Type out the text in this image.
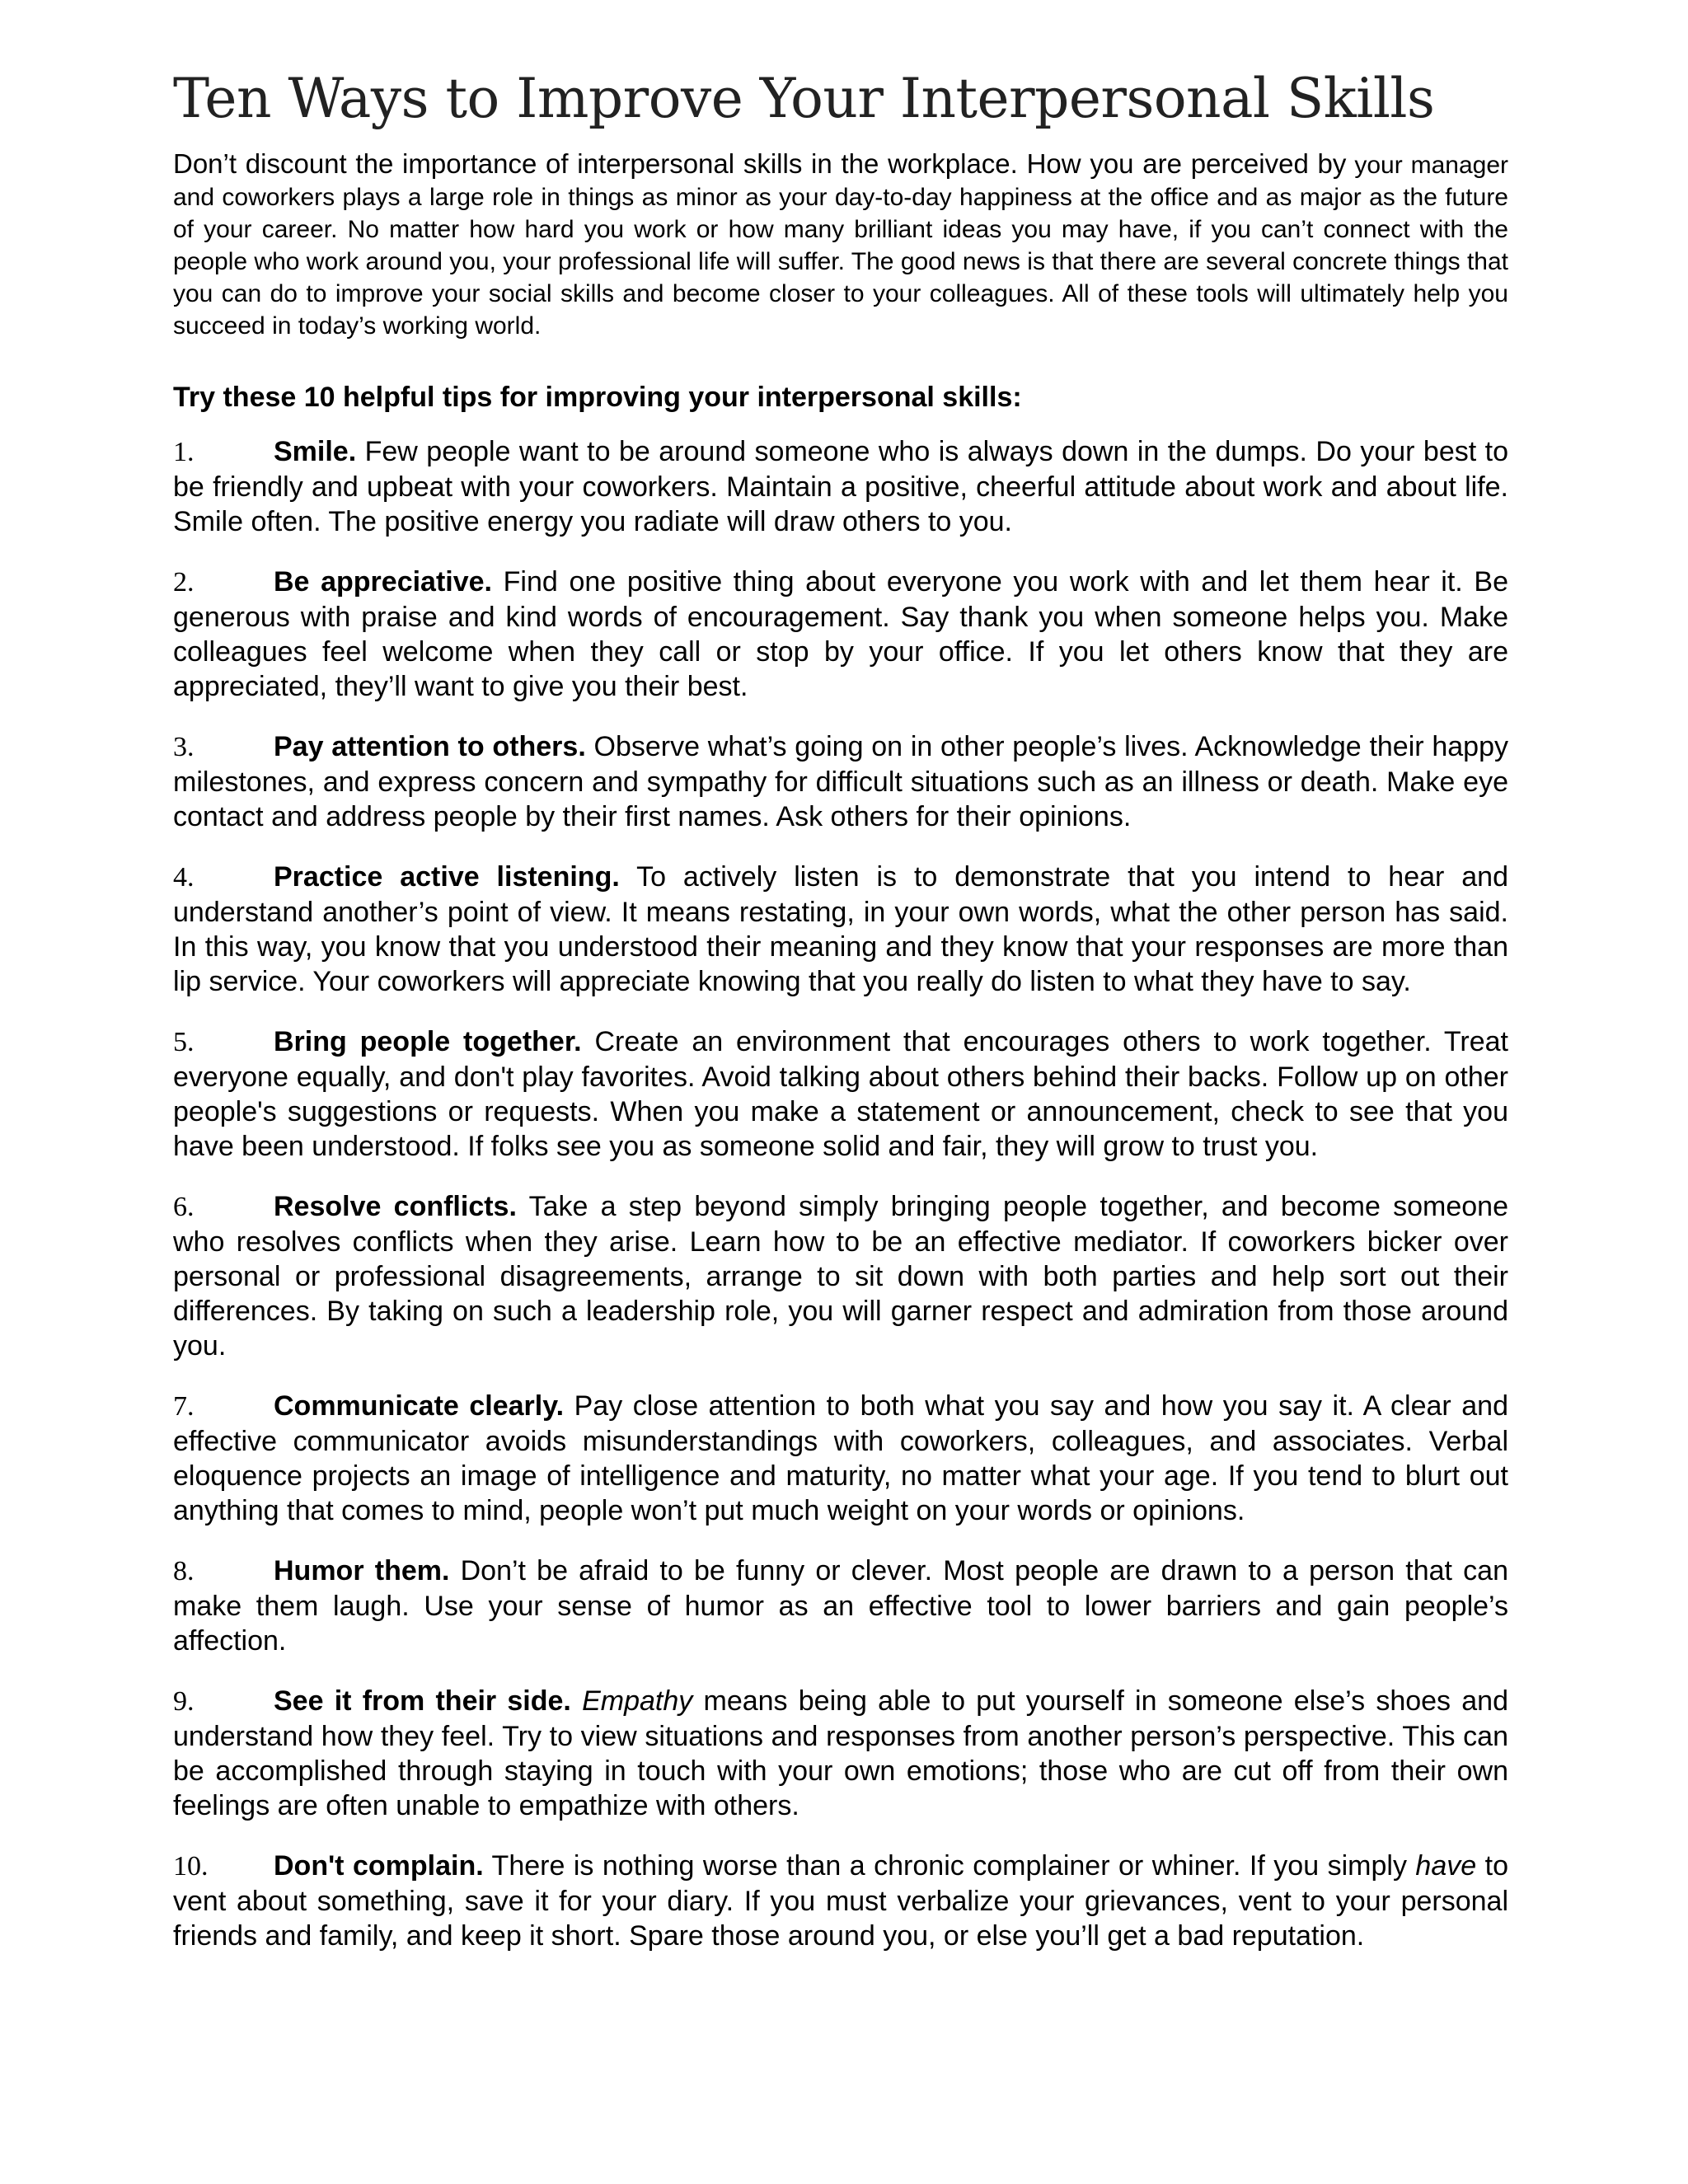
Ten Ways to Improve Your Interpersonal Skills

Don’t discount the importance of interpersonal skills in the workplace. How you are perceived by your manager and coworkers plays a large role in things as minor as your day-to-day happiness at the office and as major as the future of your career. No matter how hard you work or how many brilliant ideas you may have, if you can’t connect with the people who work around you, your professional life will suffer. The good news is that there are several concrete things that you can do to improve your social skills and become closer to your colleagues. All of these tools will ultimately help you succeed in today’s working world.

Try these 10 helpful tips for improving your interpersonal skills:

1.	Smile. Few people want to be around someone who is always down in the dumps. Do your best to be friendly and upbeat with your coworkers. Maintain a positive, cheerful attitude about work and about life. Smile often. The positive energy you radiate will draw others to you.

2.	Be appreciative. Find one positive thing about everyone you work with and let them hear it. Be generous with praise and kind words of encouragement. Say thank you when someone helps you. Make colleagues feel welcome when they call or stop by your office. If you let others know that they are appreciated, they’ll want to give you their best.

3.	Pay attention to others. Observe what’s going on in other people’s lives. Acknowledge their happy milestones, and express concern and sympathy for difficult situations such as an illness or death. Make eye contact and address people by their first names. Ask others for their opinions.

4.	Practice active listening. To actively listen is to demonstrate that you intend to hear and understand another’s point of view. It means restating, in your own words, what the other person has said. In this way, you know that you understood their meaning and they know that your responses are more than lip service. Your coworkers will appreciate knowing that you really do listen to what they have to say.

5.	Bring people together. Create an environment that encourages others to work together. Treat everyone equally, and don't play favorites. Avoid talking about others behind their backs. Follow up on other people's suggestions or requests. When you make a statement or announcement, check to see that you have been understood. If folks see you as someone solid and fair, they will grow to trust you.

6.	Resolve conflicts. Take a step beyond simply bringing people together, and become someone who resolves conflicts when they arise. Learn how to be an effective mediator. If coworkers bicker over personal or professional disagreements, arrange to sit down with both parties and help sort out their differences. By taking on such a leadership role, you will garner respect and admiration from those around you.

7.	Communicate clearly. Pay close attention to both what you say and how you say it. A clear and effective communicator avoids misunderstandings with coworkers, colleagues, and associates. Verbal eloquence projects an image of intelligence and maturity, no matter what your age. If you tend to blurt out anything that comes to mind, people won’t put much weight on your words or opinions.

8.	Humor them. Don’t be afraid to be funny or clever. Most people are drawn to a person that can make them laugh. Use your sense of humor as an effective tool to lower barriers and gain people’s affection.

9.	See it from their side. Empathy means being able to put yourself in someone else’s shoes and understand how they feel. Try to view situations and responses from another person’s perspective. This can be accomplished through staying in touch with your own emotions; those who are cut off from their own feelings are often unable to empathize with others.

10. Don't complain. There is nothing worse than a chronic complainer or whiner. If you simply have to vent about something, save it for your diary. If you must verbalize your grievances, vent to your personal friends and family, and keep it short. Spare those around you, or else you’ll get a bad reputation.
